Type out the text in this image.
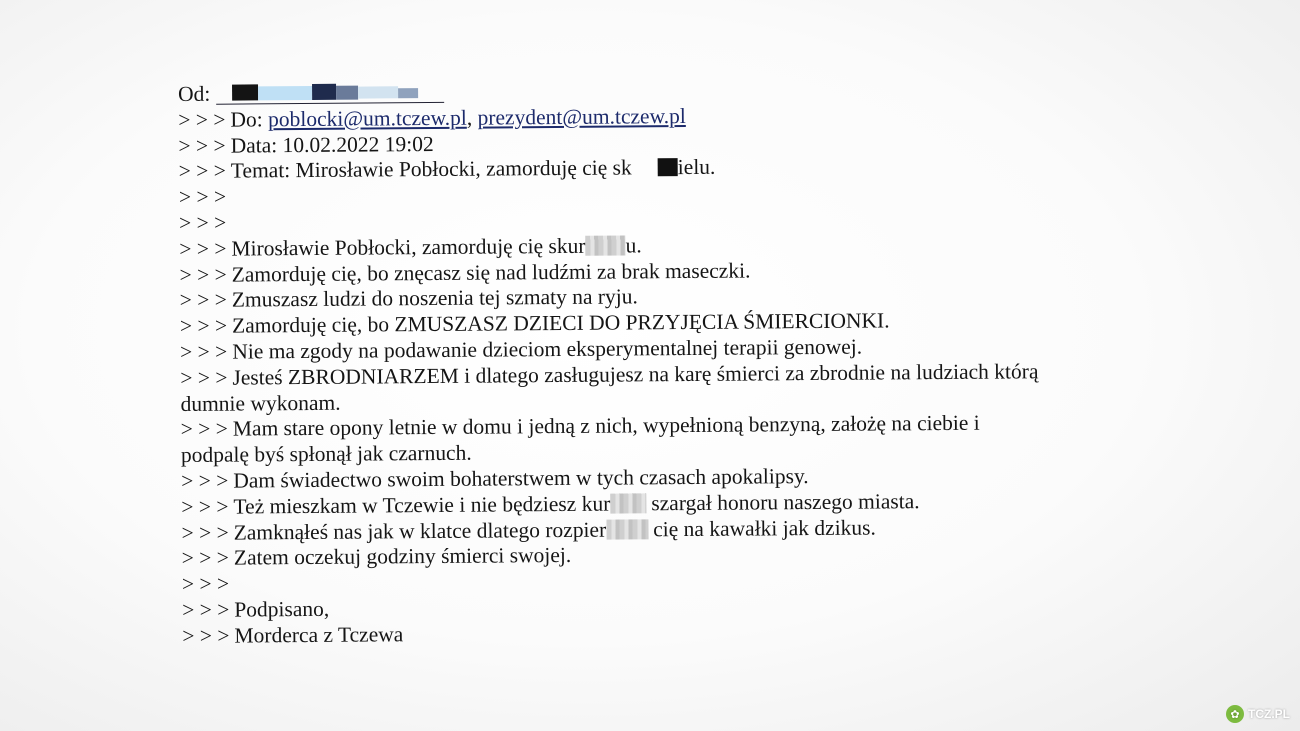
Od:
> > > Do: poblocki@um.tczew.pl, prezydent@um.tczew.pl
> > > Data: 10.02.2022 19:02
> > > Temat: Mirosławie Pobłocki, zamorduję cię sk ielu.
> > >
> > >
> > > Mirosławie Pobłocki, zamorduję cię skur u.
> > > Zamorduję cię, bo znęcasz się nad ludźmi za brak maseczki.
> > > Zmuszasz ludzi do noszenia tej szmaty na ryju.
> > > Zamorduję cię, bo ZMUSZASZ DZIECI DO PRZYJĘCIA ŚMIERCIONKI.
> > > Nie ma zgody na podawanie dzieciom eksperymentalnej terapii genowej.
> > > Jesteś ZBRODNIARZEM i dlatego zasługujesz na karę śmierci za zbrodnie na ludziach którą
dumnie wykonam.
> > > Mam stare opony letnie w domu i jedną z nich, wypełnioną benzyną, założę na ciebie i
podpalę byś spłonął jak czarnuch.
> > > Dam świadectwo swoim bohaterstwem w tych czasach apokalipsy.
> > > Też mieszkam w Tczewie i nie będziesz kur szargał honoru naszego miasta.
> > > Zamknąłeś nas jak w klatce dlatego rozpier cię na kawałki jak dzikus.
> > > Zatem oczekuj godziny śmierci swojej.
> > >
> > > Podpisano,
> > > Morderca z Tczewa
✿ TCZ.PL
